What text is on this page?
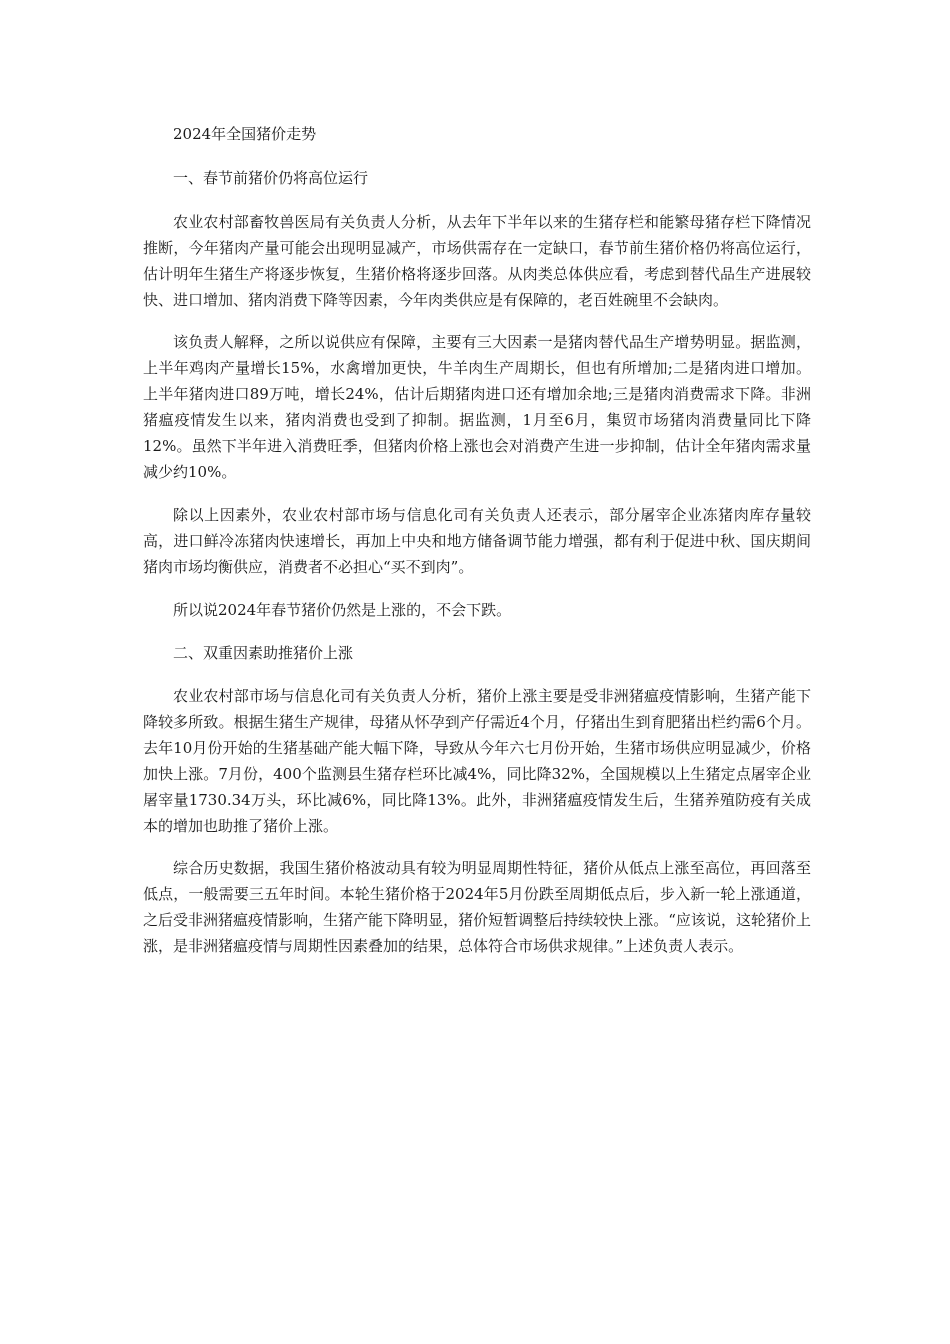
2024年全国猪价走势
一、春节前猪价仍将高位运行

农业农村部畜牧兽医局有关负责人分析，从去年下半年以来的生猪存栏和能繁母猪存栏下降情况推断，今年猪肉产量可能会出现明显减产，市场供需存在一定缺口，春节前生猪价格仍将高位运行，估计明年生猪生产将逐步恢复，生猪价格将逐步回落。从肉类总体供应看，考虑到替代品生产进展较快、进口增加、猪肉消费下降等因素，今年肉类供应是有保障的，老百姓碗里不会缺肉。

该负责人解释，之所以说供应有保障，主要有三大因素一是猪肉替代品生产增势明显。据监测，上半年鸡肉产量增长15%，水禽增加更快，牛羊肉生产周期长，但也有所增加;二是猪肉进口增加。上半年猪肉进口89万吨，增长24%，估计后期猪肉进口还有增加余地;三是猪肉消费需求下降。非洲猪瘟疫情发生以来，猪肉消费也受到了抑制。据监测，1月至6月，集贸市场猪肉消费量同比下降12%。虽然下半年进入消费旺季，但猪肉价格上涨也会对消费产生进一步抑制，估计全年猪肉需求量减少约10%。

除以上因素外，农业农村部市场与信息化司有关负责人还表示，部分屠宰企业冻猪肉库存量较高，进口鲜冷冻猪肉快速增长，再加上中央和地方储备调节能力增强，都有利于促进中秋、国庆期间猪肉市场均衡供应，消费者不必担心“买不到肉”。

所以说2024年春节猪价仍然是上涨的，不会下跌。

二、双重因素助推猪价上涨

农业农村部市场与信息化司有关负责人分析，猪价上涨主要是受非洲猪瘟疫情影响，生猪产能下降较多所致。根据生猪生产规律，母猪从怀孕到产仔需近4个月，仔猪出生到育肥猪出栏约需6个月。去年10月份开始的生猪基础产能大幅下降，导致从今年六七月份开始，生猪市场供应明显减少，价格加快上涨。7月份，400个监测县生猪存栏环比减4%，同比降32%，全国规模以上生猪定点屠宰企业屠宰量1730.34万头，环比减6%，同比降13%。此外，非洲猪瘟疫情发生后，生猪养殖防疫有关成本的增加也助推了猪价上涨。

综合历史数据，我国生猪价格波动具有较为明显周期性特征，猪价从低点上涨至高位，再回落至低点，一般需要三五年时间。本轮生猪价格于2024年5月份跌至周期低点后，步入新一轮上涨通道，之后受非洲猪瘟疫情影响，生猪产能下降明显，猪价短暂调整后持续较快上涨。“应该说，这轮猪价上涨，是非洲猪瘟疫情与周期性因素叠加的结果，总体符合市场供求规律。”上述负责人表示。
